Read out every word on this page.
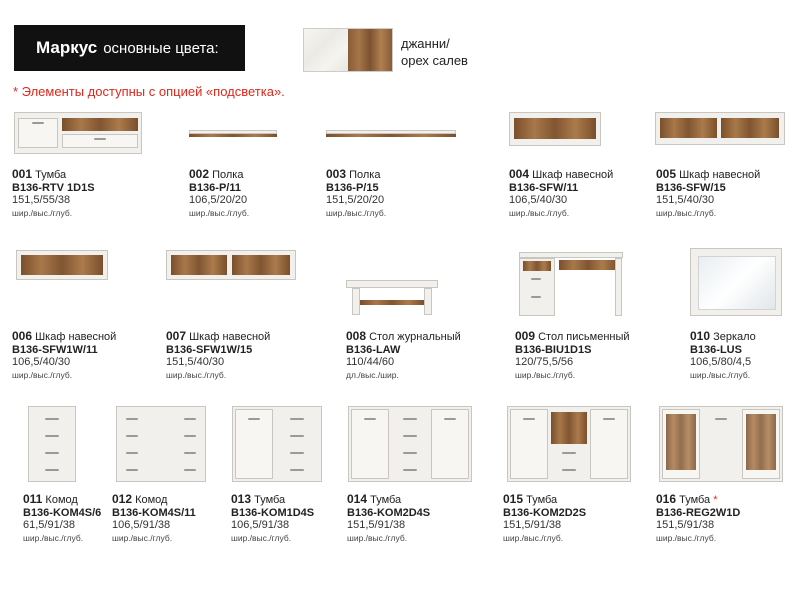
Маркус основные цвета:	джанни/
орех салев
* Элементы доступны с опцией «подсветка».
001 Тумба
B136-RTV 1D1S
151,5/55/38
шир./выс./глуб.
002 Полка
B136-P/11
106,5/20/20
шир./выс./глуб.
003 Полка
B136-P/15
151,5/20/20
шир./выс./глуб.
004 Шкаф навесной
B136-SFW/11
106,5/40/30
шир./выс./глуб.
005 Шкаф навесной
B136-SFW/15
151,5/40/30
шир./выс./глуб.
006 Шкаф навесной
B136-SFW1W/11
106,5/40/30
шир./выс./глуб.
007 Шкаф навесной
B136-SFW1W/15
151,5/40/30
шир./выс./глуб.
008 Стол журнальный
B136-LAW
110/44/60
дл./выс./шир.
009 Стол письменный
B136-BIU1D1S
120/75,5/56
шир./выс./глуб.
010 Зеркало
B136-LUS
106,5/80/4,5
шир./выс./глуб.
011 Комод
B136-KOM4S/6
61,5/91/38
шир./выс./глуб.
012 Комод
B136-KOM4S/11
106,5/91/38
шир./выс./глуб.
013 Тумба
B136-KOM1D4S
106,5/91/38
шир./выс./глуб.
014 Тумба
B136-KOM2D4S
151,5/91/38
шир./выс./глуб.
015 Тумба
B136-KOM2D2S
151,5/91/38
шир./выс./глуб.
016 Тумба *
B136-REG2W1D
151,5/91/38
шир./выс./глуб.
